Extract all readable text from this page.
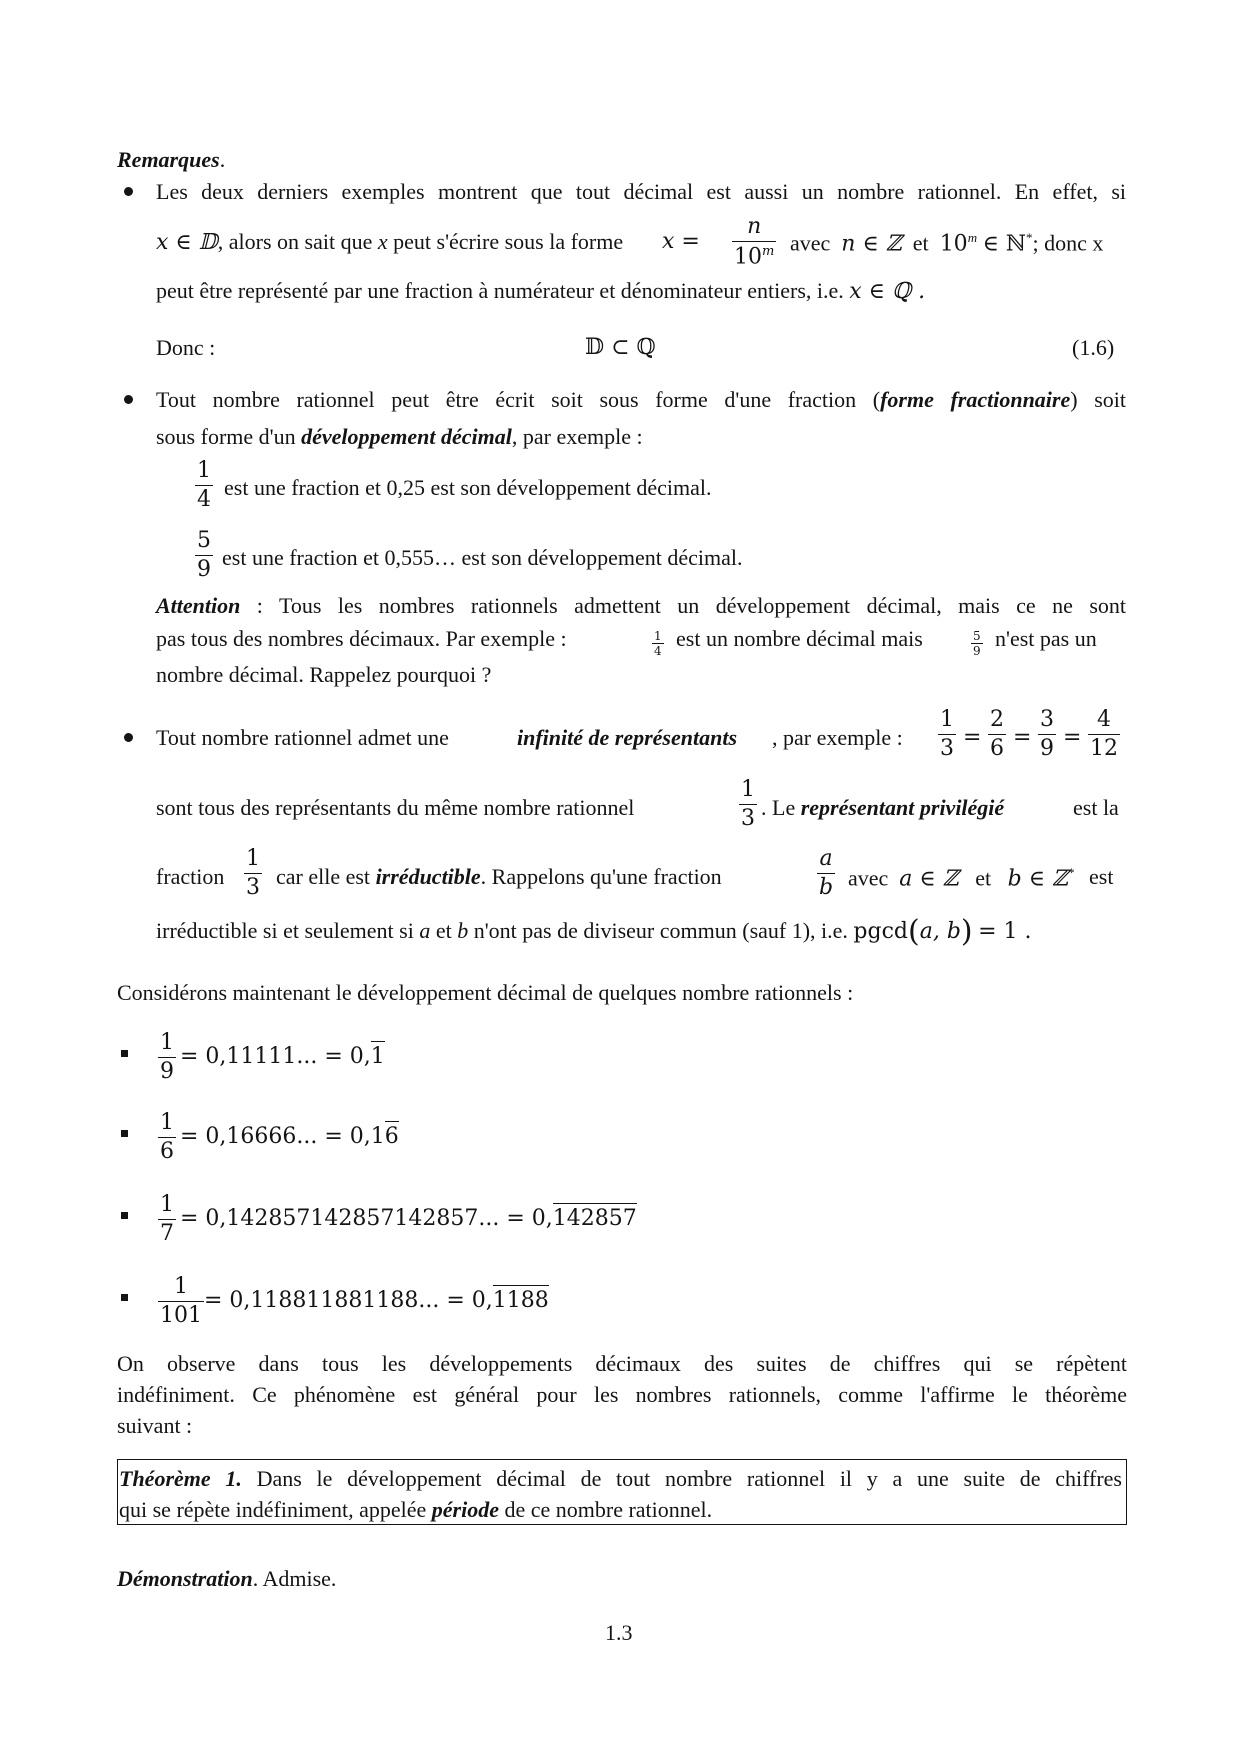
Remarques.
Les deux derniers exemples montrent que tout décimal est aussi un nombre rationnel. En effet, si
x ∈ 𝔻, alors on sait que x peut s'écrire sous la forme $x = \frac{n}{10^m}$ avec n ∈ ℤ et 10$^m$ ∈ ℕ*; donc x
peut être représenté par une fraction à numérateur et dénominateur entiers, i.e. x ∈ ℚ .
Donc :	𝔻 ⊂ ℚ	(1.6)
Tout nombre rationnel peut être écrit soit sous forme d'une fraction (forme fractionnaire) soit
sous forme d'un développement décimal, par exemple :
$\frac{1}{4}$ est une fraction et 0,25 est son développement décimal.
$\frac{5}{9}$ est une fraction et 0,555… est son développement décimal.
Attention : Tous les nombres rationnels admettent un développement décimal, mais ce ne sont
pas tous des nombres décimaux. Par exemple :	$\frac{1}{4}$ est un nombre décimal mais	$\frac{5}{9} n'est$ pas un
nombre décimal. Rappelez pourquoi ?
Tout nombre rationnel admet une	infinité de représentants , par exemple : $\frac{1}{3} = \frac{2}{6} = \frac{3}{9} = \frac{4}{12}$
sont tous des représentants du même nombre rationnel	$\frac{1}{3}$ . Le représentant privilégié	est la
fraction $\frac{1}{3}$ car elle est irréductible. Rappelons qu'une fraction	$\frac{a}{b}$ avec a ∈ ℤ et b ∈ ℤ* est
irréductible si et seulement si a et b n'ont pas de diviseur commun (sauf 1), i.e. pgcd(a, b) = 1 .
Considérons maintenant le développement décimal de quelques nombre rationnels :
$\frac{1}{9} = 0,11111$... = 0,1
$\frac{1}{6} = 0,16666$... = 0,16
$\frac{1}{7} = 0,142857142857142857$... = 0,142857
$\frac{1}{101} = 0,118811881188$... = 0,1188
On observe dans tous les développements décimaux des suites de chiffres qui se répètent
indéfiniment. Ce phénomène est général pour les nombres rationnels, comme l'affirme le théorème
suivant :
Théorème 1. Dans le développement décimal de tout nombre rationnel il y a une suite de chiffres
qui se répète indéfiniment, appelée période de ce nombre rationnel.
Démonstration. Admise.
1.3
